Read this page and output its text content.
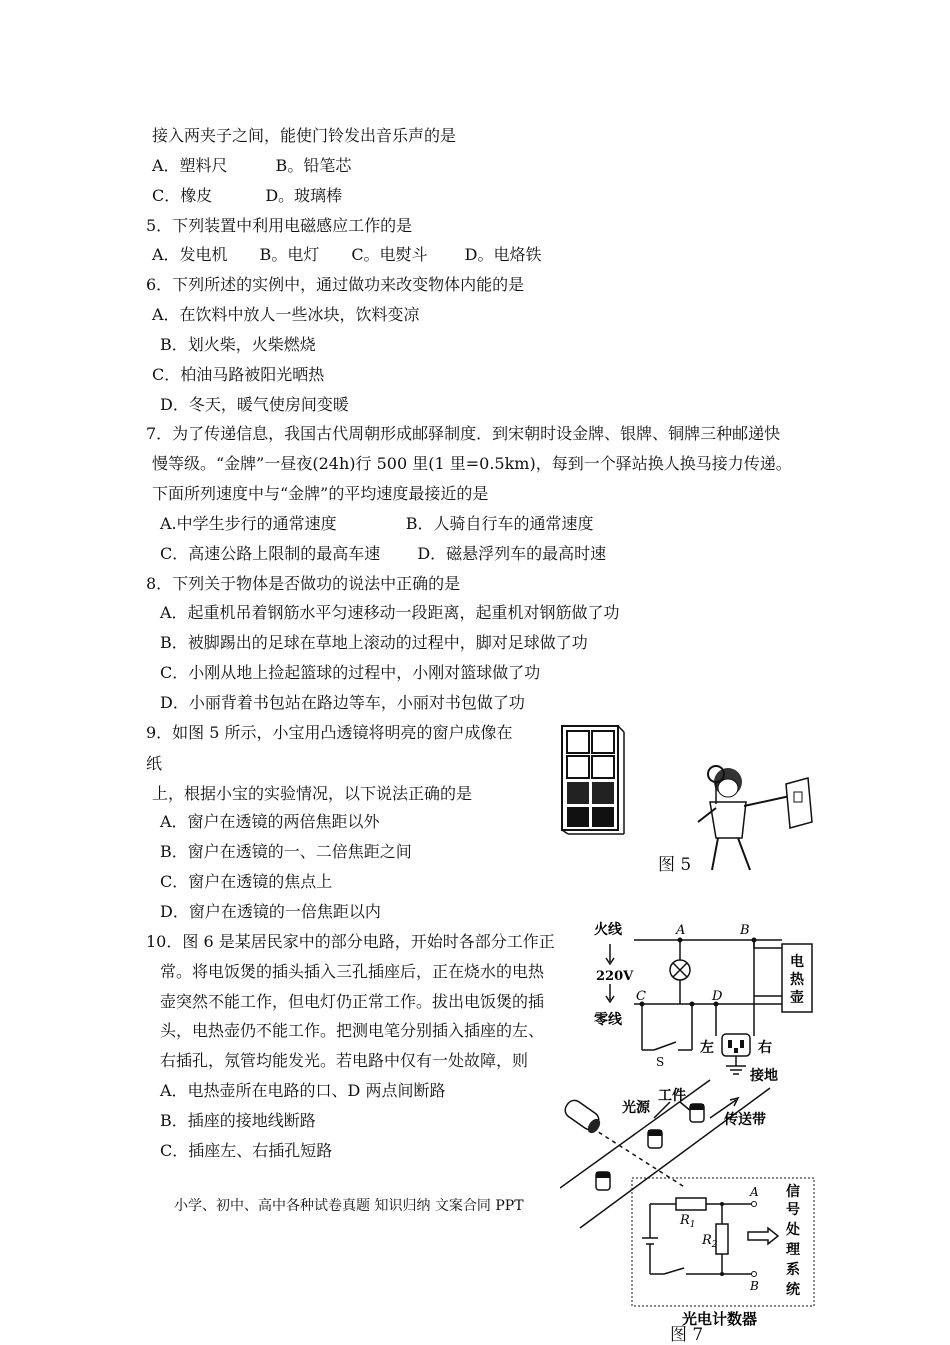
接入两夹子之间，能使门铃发出音乐声的是
A．塑料尺　　　B。铅笔芯
C．橡皮　　　 D。玻璃棒
5．下列装置中利用电磁感应工作的是
A．发电机　　B。电灯　　C。电熨斗　　 D。电烙铁
6．下列所述的实例中，通过做功来改变物体内能的是
A．在饮料中放人一些冰块，饮料变凉
B．划火柴，火柴燃烧
C．柏油马路被阳光晒热
D．冬天，暖气使房间变暖
7．为了传递信息，我国古代周朝形成邮驿制度．到宋朝时设金牌、银牌、铜牌三种邮递快
慢等级。“金牌”一昼夜(24h)行 500 里(1 里=0.5km)，每到一个驿站换人换马接力传递。
下面所列速度中与“金牌”的平均速度最接近的是
A.中学生步行的通常速度　　　　 B．人骑自行车的通常速度
C．高速公路上限制的最高车速　　 D．磁悬浮列车的最高时速
8．下列关于物体是否做功的说法中正确的是
A．起重机吊着钢筋水平匀速移动一段距离，起重机对钢筋做了功
B．被脚踢出的足球在草地上滚动的过程中，脚对足球做了功
C．小刚从地上捡起篮球的过程中，小刚对篮球做了功
D．小丽背着书包站在路边等车，小丽对书包做了功
9．如图 5 所示，小宝用凸透镜将明亮的窗户成像在
纸
上，根据小宝的实验情况，以下说法正确的是
A．窗户在透镜的两倍焦距以外
B．窗户在透镜的一、二倍焦距之间
C．窗户在透镜的焦点上
D．窗户在透镜的一倍焦距以内
10．图 6 是某居民家中的部分电路，开始时各部分工作正
常。将电饭煲的插头插入三孔插座后，正在烧水的电热
壶突然不能工作，但电灯仍正常工作。拔出电饭煲的插
头，电热壶仍不能工作。把测电笔分别插入插座的左、
右插孔，氖管均能发光。若电路中仅有一处故障，则
A．电热壶所在电路的口、D 两点间断路
B．插座的接地线断路
C．插座左、右插孔短路
小学、初中、高中各种试卷真题 知识归纳 文案合同 PPT
图 5
火线
220V
零线
A	B
C	D
S
电
热
壶
左	右
接地
光源
工件
传送带
$R_1$
$R_2$
A
B
信
号
处
理
系
统
光电计数器
图 7
